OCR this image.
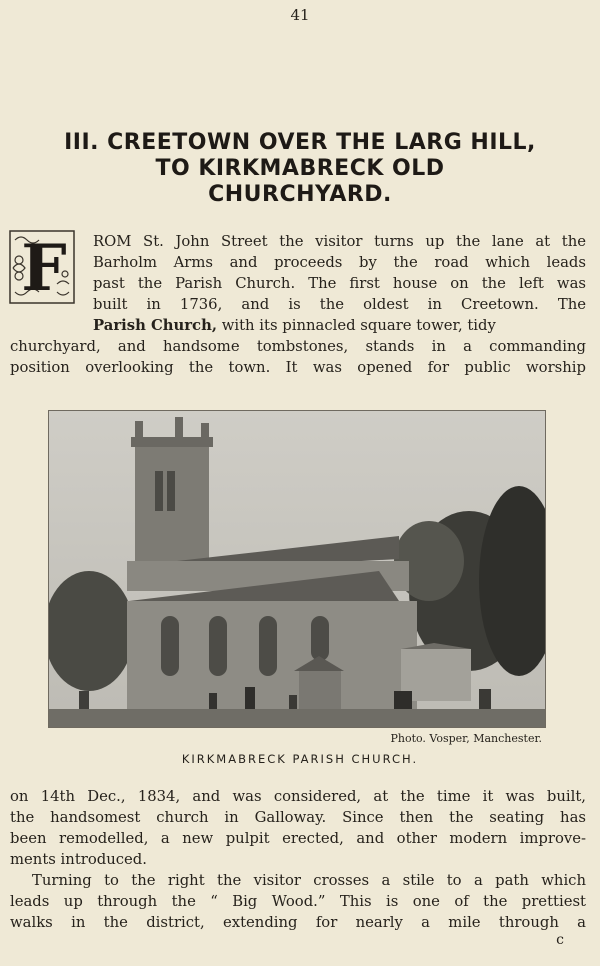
41
III. CREETOWN OVER THE LARG HILL,
TO KIRKMABRECK OLD
CHURCHYARD.
F	ROM St. John Street the visitor turns up the lane at the
Barholm Arms and proceeds by the road which leads
past the Parish Church. The first house on the left was
built in 1736, and is the oldest in Creetown. The
Parish Church, with its pinnacled square tower, tidy
churchyard, and handsome tombstones, stands in a commanding
position overlooking the town. It was opened for public worship
Photo. Vosper, Manchester.
KIRKMABRECK PARISH CHURCH.
on 14th Dec., 1834, and was considered, at the time it was built,
the handsomest church in Galloway. Since then the seating has
been remodelled, a new pulpit erected, and other modern improve-
ments introduced.
Turning to the right the visitor crosses a stile to a path which
leads up through the “ Big Wood.” This is one of the prettiest
walks in the district, extending for nearly a mile through a
c
